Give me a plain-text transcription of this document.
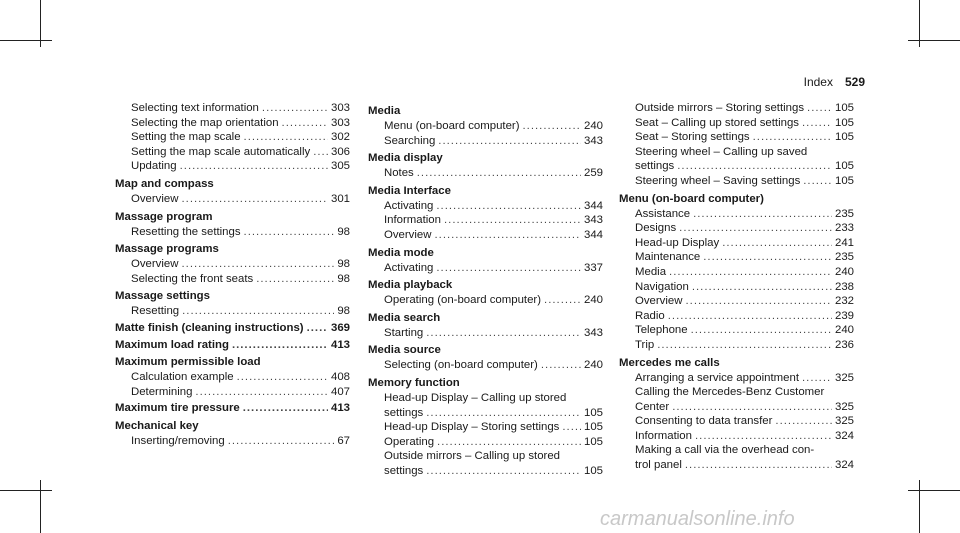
Index 529
Selecting text information .....	303
Selecting the map orientation .....	303
Setting the map scale .....	302
Setting the map scale automatically ..... 306
Updating .....	305
Map and compass
Overview .....	301
Massage program
Resetting the settings .....	98
Massage programs
Overview .....	98
Selecting the front seats .....	98
Massage settings
Resetting .....	98
Matte finish (cleaning instructions) ..... 369
Maximum load rating .....	413
Maximum permissible load
Calculation example .....	408
Determining .....	407
Maximum tire pressure .....	413
Mechanical key
Inserting/removing .....	67
Media
Menu (on-board computer) .....	240
Searching .....	343
Media display
Notes .....	259
Media Interface
Activating .....	344
Information .....	343
Overview .....	344
Media mode
Activating .....	337
Media playback
Operating (on-board computer) .....	240
Media search
Starting .....	343
Media source
Selecting (on-board computer) .....	240
Memory function
Head-up Display – Calling up stored
settings .....	105
Head-up Display – Storing settings ..... 105
Operating .....	105
Outside mirrors – Calling up stored
settings .....	105
Outside mirrors – Storing settings .....	105
Seat – Calling up stored settings .....	105
Seat – Storing settings .....	105
Steering wheel – Calling up saved
settings .....	105
Steering wheel – Saving settings .....	105
Menu (on-board computer)
Assistance .....	235
Designs .....	233
Head-up Display .....	241
Maintenance .....	235
Media .....	240
Navigation .....	238
Overview .....	232
Radio .....	239
Telephone .....	240
Trip .....	236
Mercedes me calls
Arranging a service appointment .....	325
Calling the Mercedes-Benz Customer
Center .....	325
Consenting to data transfer .....	325
Information .....	324
Making a call via the overhead con-
trol panel .....	324
carmanualsonline.info
